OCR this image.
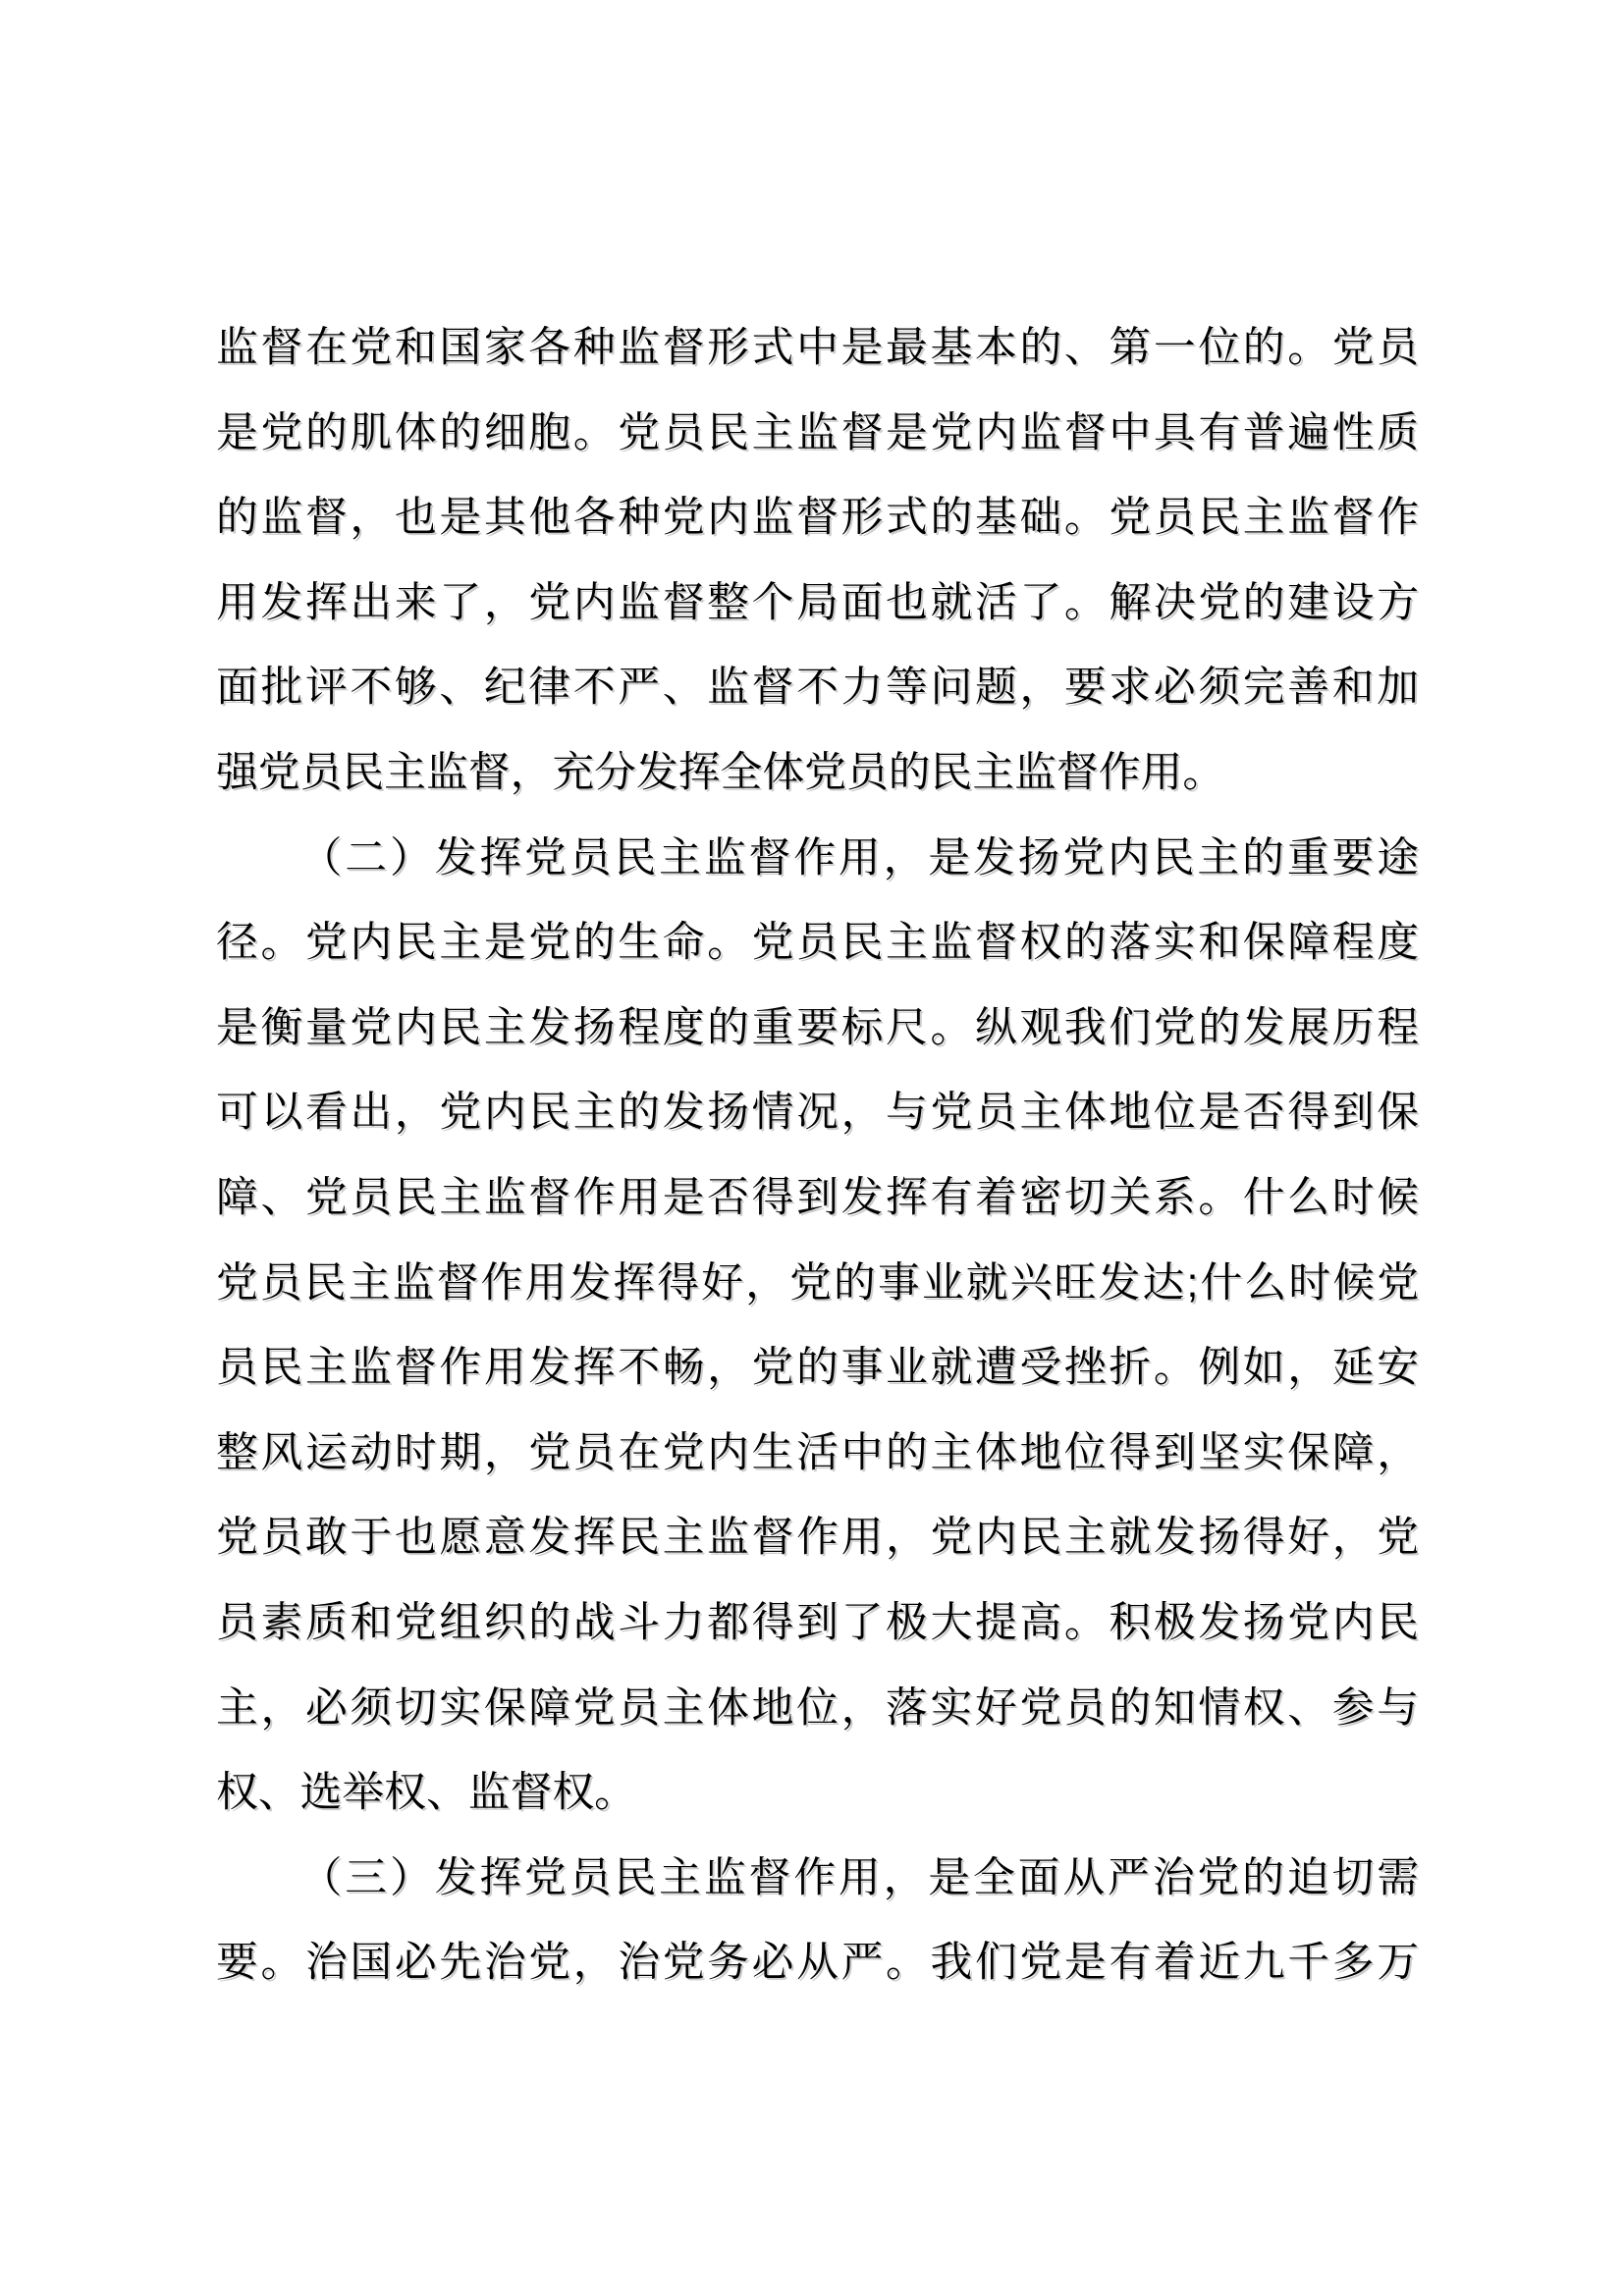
监督在党和国家各种监督形式中是最基本的、第一位的。党员
是党的肌体的细胞。党员民主监督是党内监督中具有普遍性质
的监督，也是其他各种党内监督形式的基础。党员民主监督作
用发挥出来了，党内监督整个局面也就活了。解决党的建设方
面批评不够、纪律不严、监督不力等问题，要求必须完善和加
强党员民主监督，充分发挥全体党员的民主监督作用。
（二）发挥党员民主监督作用，是发扬党内民主的重要途
径。党内民主是党的生命。党员民主监督权的落实和保障程度
是衡量党内民主发扬程度的重要标尺。纵观我们党的发展历程
可以看出，党内民主的发扬情况，与党员主体地位是否得到保
障、党员民主监督作用是否得到发挥有着密切关系。什么时候
党员民主监督作用发挥得好，党的事业就兴旺发达;什么时候党
员民主监督作用发挥不畅，党的事业就遭受挫折。例如，延安
整风运动时期，党员在党内生活中的主体地位得到坚实保障，
党员敢于也愿意发挥民主监督作用，党内民主就发扬得好，党
员素质和党组织的战斗力都得到了极大提高。积极发扬党内民
主，必须切实保障党员主体地位，落实好党员的知情权、参与
权、选举权、监督权。
（三）发挥党员民主监督作用，是全面从严治党的迫切需
要。治国必先治党，治党务必从严。我们党是有着近九千多万
